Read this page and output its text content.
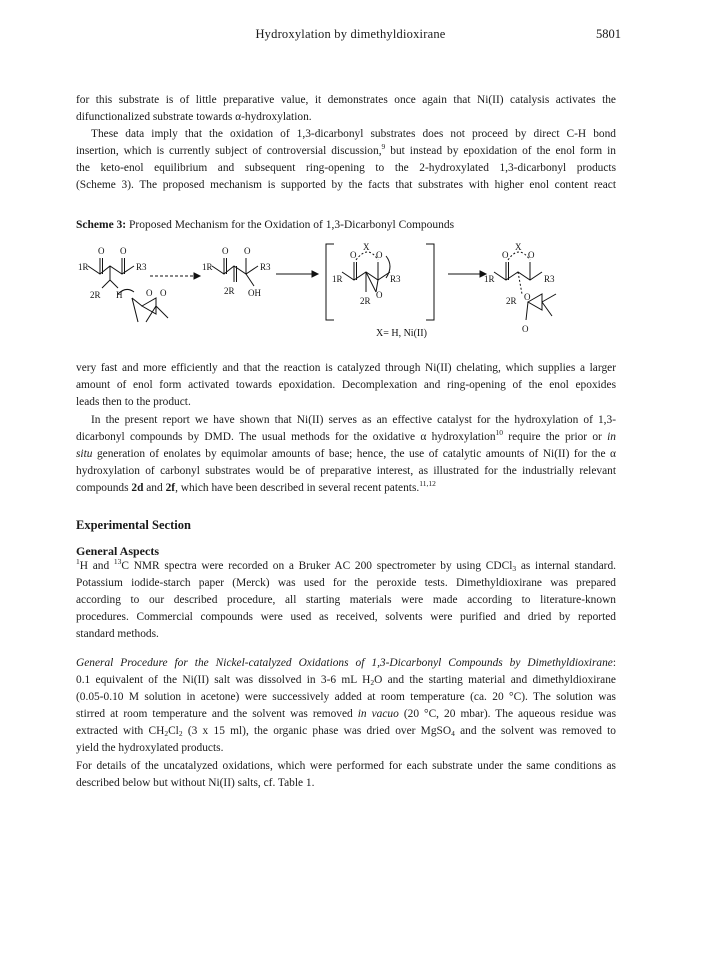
Hydroxylation by dimethyldioxirane	5801

for this substrate is of little preparative value, it demonstrates once again that Ni(II) catalysis activates the

difunctionalized substrate towards α-hydroxylation.

These data imply that the oxidation of 1,3-dicarbonyl substrates does not proceed by direct C-H bond

insertion, which is currently subject of controversial discussion,$^9$ but instead by epoxidation of the enol form in

the keto-enol equilibrium and subsequent ring-opening to the 2-hydroxylated 1,3-dicarbonyl products

(Scheme 3). The proposed mechanism is supported by the facts that substrates with higher enol content react

Scheme 3: Proposed Mechanism for the Oxidation of 1,3-Dicarbonyl Compounds
O O
1R	R3
2R H	O O
O O
1R	R3
2R OH
O
X
O
1R	R3
O
2R
O
X
O
1R	R3
2R O
O
X= H, Ni(II)

very fast and more efficiently and that the reaction is catalyzed through Ni(II) chelating, which supplies a larger

amount of enol form activated towards epoxidation. Decomplexation and ring-opening of the enol epoxides

leads then to the product.

In the present report we have shown that Ni(II) serves as an effective catalyst for the hydroxylation of 1,3-

dicarbonyl compounds by DMD. The usual methods for the oxidative α hydroxylation$^{10}$ require the prior or in

situ generation of enolates by equimolar amounts of base; hence, the use of catalytic amounts of Ni(II) for the α

hydroxylation of carbonyl substrates would be of preparative interest, as illustrated for the industrially relevant

compounds 2d and 2f, which have been described in several recent patents.$^{11,12}$

Experimental Section
General Aspects

$^1$H and $^{13}$C NMR spectra were recorded on a Bruker AC 200 spectrometer by using CDCl$_3$ as internal standard.

Potassium iodide-starch paper (Merck) was used for the peroxide tests. Dimethyldioxirane was prepared

according to our described procedure, all starting materials were made according to literature-known

procedures. Commercial compounds were used as received, solvents were purified and dried by reported

standard methods.

General Procedure for the Nickel-catalyzed Oxidations of 1,3-Dicarbonyl Compounds by Dimethyldioxirane:

0.1 equivalent of the Ni(II) salt was dissolved in 3-6 mL $H_2O$ and the starting material and dimethyldioxirane

(0.05-0.10 M solution in acetone) were successively added at room temperature (ca. 20 °C). The solution was

stirred at room temperature and the solvent was removed in vacuo (20 °C, 20 mbar). The aqueous residue was

extracted with $CH_2Cl_2$ (3 x 15 ml), the organic phase was dried over MgSO$_4$ and the solvent was removed to

yield the hydroxylated products.

For details of the uncatalyzed oxidations, which were performed for each substrate under the same conditions as

described below but without Ni(II) salts, cf. Table 1.
